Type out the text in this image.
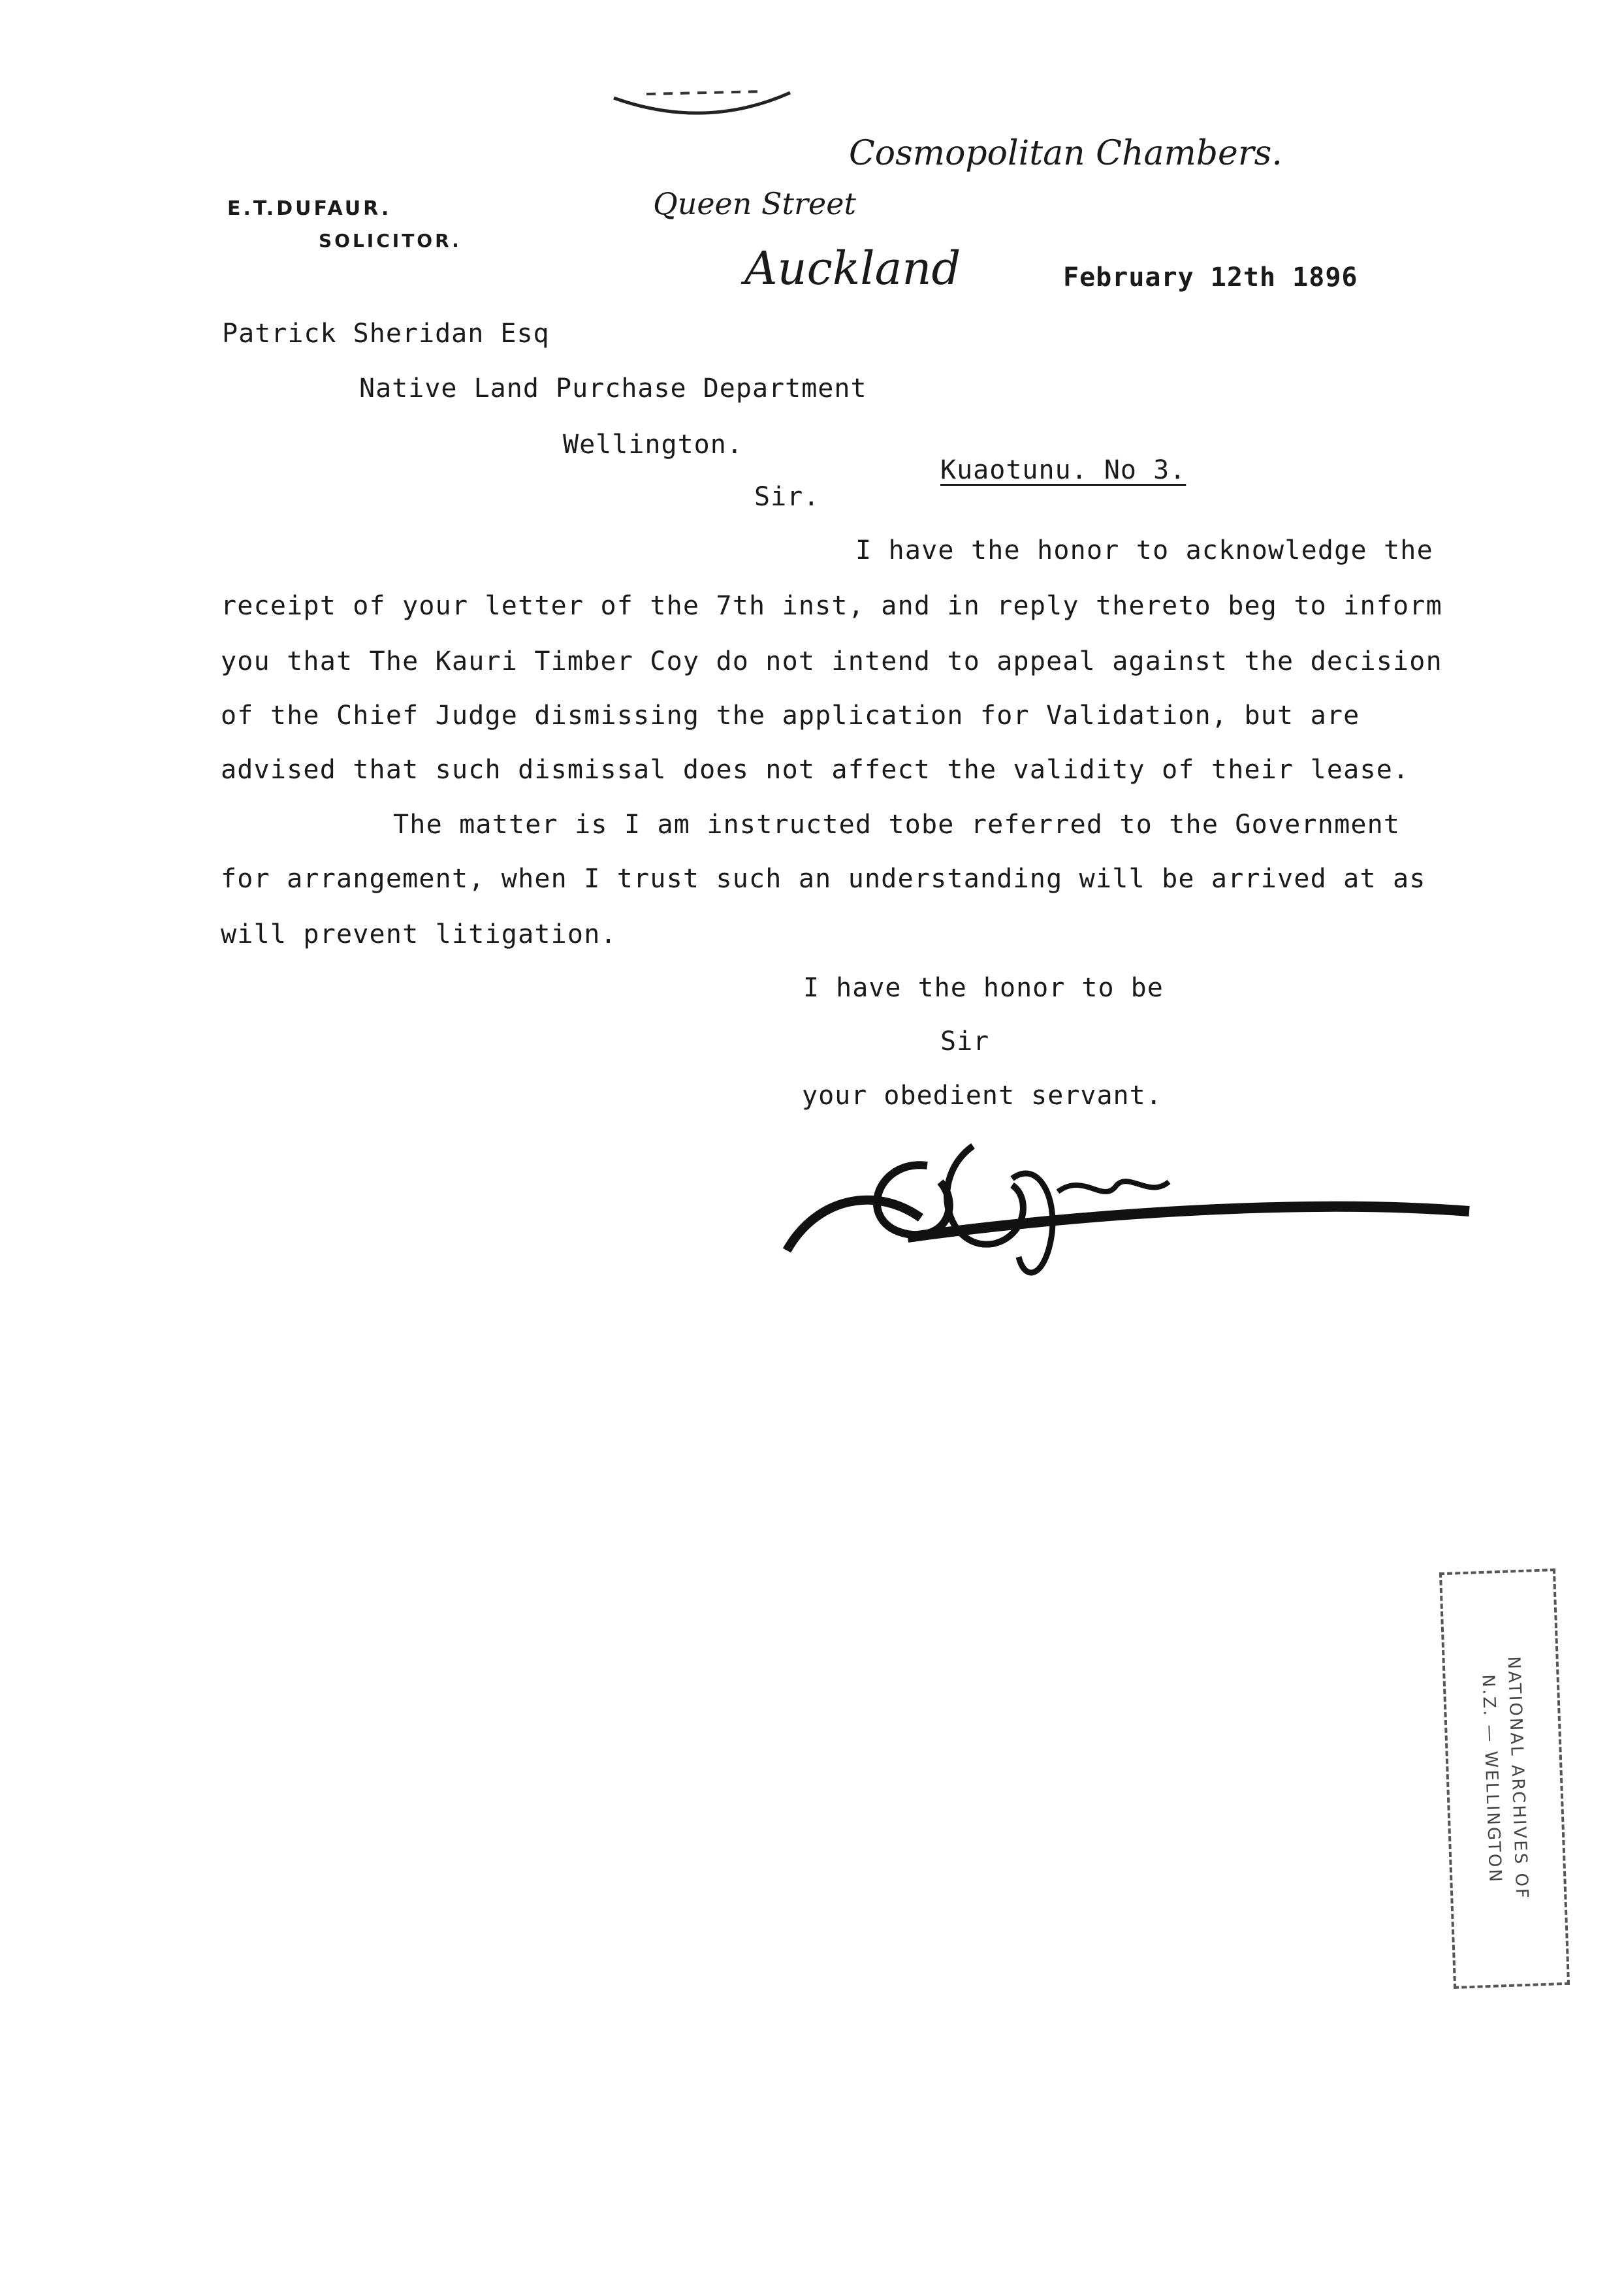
E.T.DUFAUR.
SOLICITOR.
Cosmopolitan Chambers.
Queen Street
Auckland	February 12th 1896
Patrick Sheridan Esq
Native Land Purchase Department
Wellington.
Kuaotunu. No 3.
Sir.
I have the honor to acknowledge the
receipt of your letter of the 7th inst, and in reply thereto beg to inform
you that The Kauri Timber Coy do not intend to appeal against the decision
of the Chief Judge dismissing the application for Validation, but are
advised that such dismissal does not affect the validity of their lease.
The matter is I am instructed tobe referred to the Government
for arrangement, when I trust such an understanding will be arrived at as
will prevent litigation.
I have the honor to be
Sir
your obedient servant.
NATIONAL ARCHIVES OF
N.Z. — WELLINGTON
